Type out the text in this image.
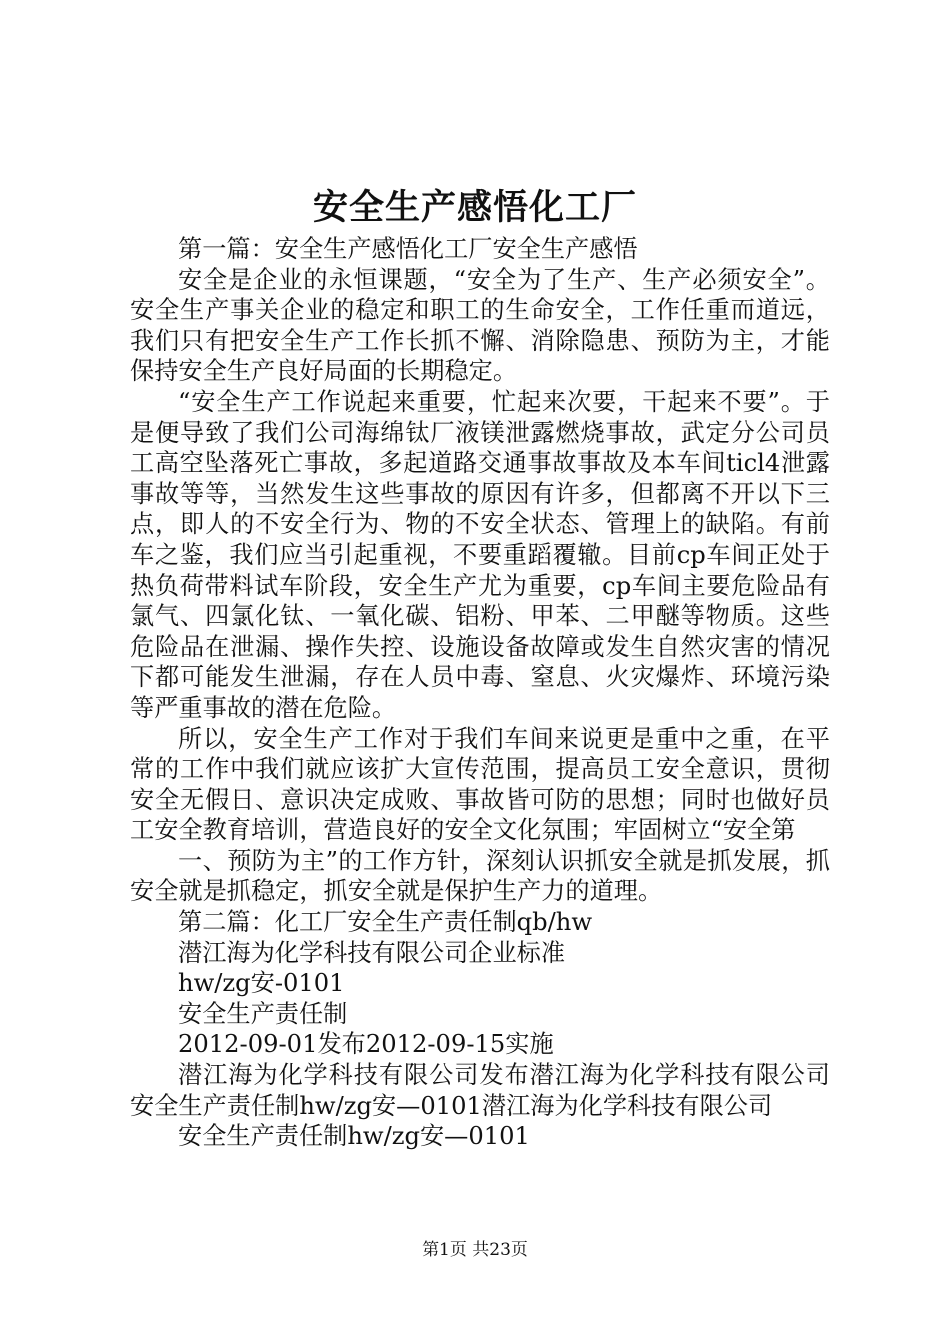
安全生产感悟化工厂

第一篇：安全生产感悟化工厂安全生产感悟

安全是企业的永恒课题，“安全为了生产、生产必须安全”。安全生产事关企业的稳定和职工的生命安全，工作任重而道远，我们只有把安全生产工作长抓不懈、消除隐患、预防为主，才能保持安全生产良好局面的长期稳定。

“安全生产工作说起来重要，忙起来次要，干起来不要”。于是便导致了我们公司海绵钛厂液镁泄露燃烧事故，武定分公司员工高空坠落死亡事故，多起道路交通事故事故及本车间ticl4泄露事故等等，当然发生这些事故的原因有许多，但都离不开以下三点，即人的不安全行为、物的不安全状态、管理上的缺陷。有前车之鉴，我们应当引起重视，不要重蹈覆辙。目前cp车间正处于热负荷带料试车阶段，安全生产尤为重要，cp车间主要危险品有氯气、四氯化钛、一氧化碳、铝粉、甲苯、二甲醚等物质。这些危险品在泄漏、操作失控、设施设备故障或发生自然灾害的情况下都可能发生泄漏，存在人员中毒、窒息、火灾爆炸、环境污染等严重事故的潜在危险。

所以，安全生产工作对于我们车间来说更是重中之重，在平常的工作中我们就应该扩大宣传范围，提高员工安全意识，贯彻安全无假日、意识决定成败、事故皆可防的思想；同时也做好员工安全教育培训，营造良好的安全文化氛围；牢固树立“安全第

一、预防为主”的工作方针，深刻认识抓安全就是抓发展，抓安全就是抓稳定，抓安全就是保护生产力的道理。

第二篇：化工厂安全生产责任制qb/hw

潜江海为化学科技有限公司企业标准

hw/zg安-0101

安全生产责任制

2012-09-01发布2012-09-15实施

潜江海为化学科技有限公司发布潜江海为化学科技有限公司安全生产责任制hw/zg安—0101潜江海为化学科技有限公司

安全生产责任制hw/zg安—0101

第1页 共23页
